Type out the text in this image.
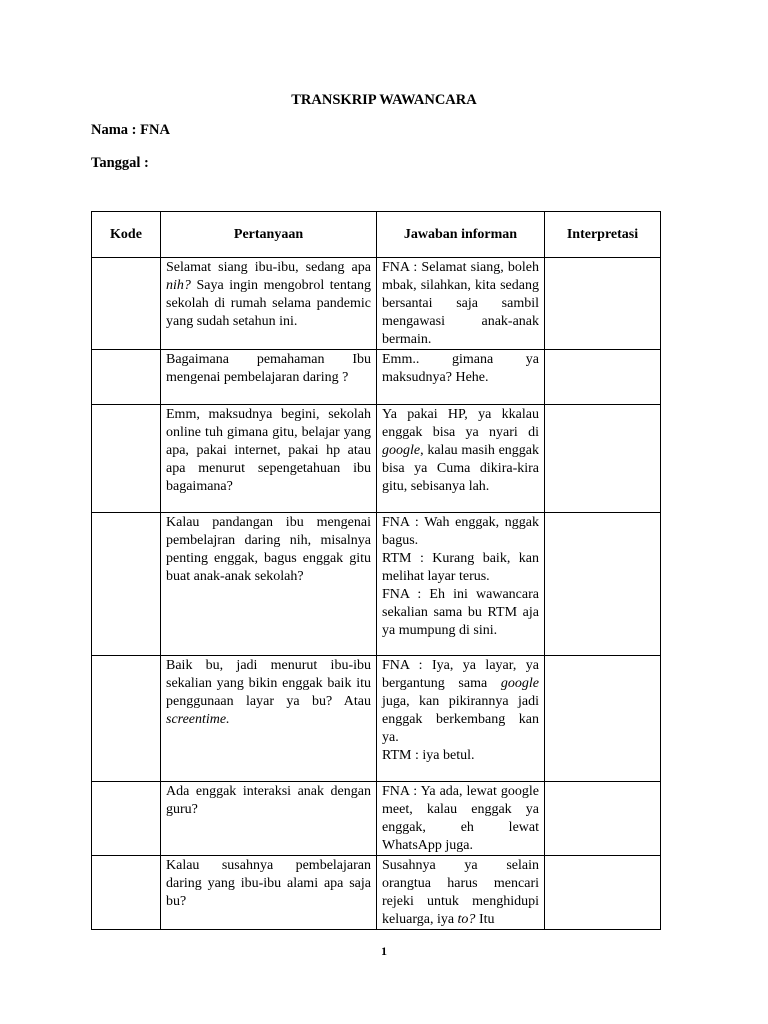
TRANSKRIP WAWANCARA
Nama : FNA
Tanggal :
Kode	Pertanyaan	Jawaban informan	Interpretasi
	Selamat siang ibu-ibu, sedang apa nih? Saya ingin mengobrol tentang sekolah di rumah selama pandemic yang sudah setahun ini.	FNA : Selamat siang, boleh mbak, silahkan, kita sedang bersantai saja sambil mengawasi anak-anak bermain.	

	Bagaimana pemahaman Ibu mengenai pembelajaran daring ?	Emm.. gimana ya maksudnya? Hehe.	

	Emm, maksudnya begini, sekolah online tuh gimana gitu, belajar yang apa, pakai internet, pakai hp atau apa menurut sepengetahuan ibu bagaimana?	Ya pakai HP, ya kkalau enggak bisa ya nyari di google, kalau masih enggak bisa ya Cuma dikira-kira gitu, sebisanya lah.	

	Kalau pandangan ibu mengenai pembelajran daring nih, misalnya penting enggak, bagus enggak gitu buat anak-anak sekolah?	FNA : Wah enggak, nggak bagus.

RTM : Kurang baik, kan melihat layar terus.

FNA : Eh ini wawancara sekalian sama bu RTM aja ya mumpung di sini.	

	Baik bu, jadi menurut ibu-ibu sekalian yang bikin enggak baik itu penggunaan layar ya bu? Atau screentime.	FNA : Iya, ya layar, ya bergantung sama google juga, kan pikirannya jadi enggak berkembang kan ya.

RTM : iya betul.	

	Ada enggak interaksi anak dengan guru?	FNA : Ya ada, lewat google meet, kalau enggak ya enggak, eh lewat WhatsApp juga.	

	Kalau susahnya pembelajaran daring yang ibu-ibu alami apa saja bu?	Susahnya ya selain orangtua harus mencari rejeki untuk menghidupi keluarga, iya to? Itu	

1
